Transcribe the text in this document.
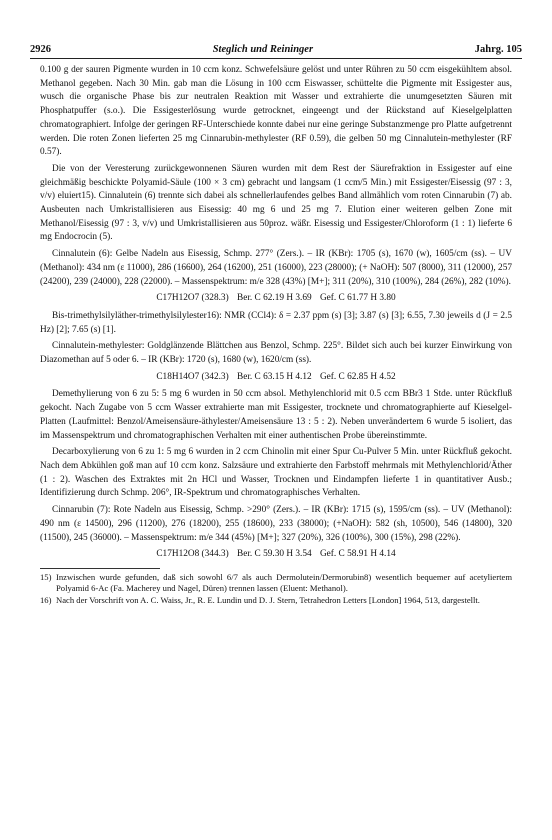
2926	Steglich und Reininger	Jahrg. 105

0.100 g der sauren Pigmente wurden in 10 ccm konz. Schwefelsäure gelöst und unter Rühren zu 50 ccm eisgekühltem absol. Methanol gegeben. Nach 30 Min. gab man die Lösung in 100 ccm Eiswasser, schüttelte die Pigmente mit Essigester aus, wusch die organische Phase bis zur neutralen Reaktion mit Wasser und extrahierte die unumgesetzten Säuren mit Phosphatpuffer (s.o.). Die Essigesterlösung wurde getrocknet, eingeengt und der Rückstand auf Kieselgelplatten chromatographiert. Infolge der geringen RF-Unterschiede konnte dabei nur eine geringe Substanzmenge pro Platte aufgetrennt werden. Die roten Zonen lieferten 25 mg Cinnarubin-methylester (RF 0.59), die gelben 50 mg Cinnalutein-methylester (RF 0.57).

Die von der Veresterung zurückgewonnenen Säuren wurden mit dem Rest der Säurefraktion in Essigester auf eine gleichmäßig beschickte Polyamid-Säule (100 × 3 cm) gebracht und langsam (1 ccm/5 Min.) mit Essigester/Eisessig (97 : 3, v/v) eluiert15). Cinnalutein (6) trennte sich dabei als schnellerlaufendes gelbes Band allmählich vom roten Cinnarubin (7) ab. Ausbeuten nach Umkristallisieren aus Eisessig: 40 mg 6 und 25 mg 7. Elution einer weiteren gelben Zone mit Methanol/Eisessig (97 : 3, v/v) und Umkristallisieren aus 50proz. wäßr. Eisessig und Essigester/Chloroform (1 : 1) lieferte 6 mg Endocrocin (5).

Cinnalutein (6): Gelbe Nadeln aus Eisessig, Schmp. 277° (Zers.). – IR (KBr): 1705 (s), 1670 (w), 1605/cm (ss). – UV (Methanol): 434 nm (ε 11000), 286 (16600), 264 (16200), 251 (16000), 223 (28000); (+ NaOH): 507 (8000), 311 (12000), 257 (24200), 239 (24000), 228 (22000). – Massenspektrum: m/e 328 (43%) [M+]; 311 (20%), 310 (100%), 284 (26%), 282 (10%).

C17H12O7 (328.3) Ber. C 62.19 H 3.69 Gef. C 61.77 H 3.80

Bis-trimethylsilyläther-trimethylsilylester16): NMR (CCl4): δ = 2.37 ppm (s) [3]; 3.87 (s) [3]; 6.55, 7.30 jeweils d (J = 2.5 Hz) [2]; 7.65 (s) [1].

Cinnalutein-methylester: Goldglänzende Blättchen aus Benzol, Schmp. 225°. Bildet sich auch bei kurzer Einwirkung von Diazomethan auf 5 oder 6. – IR (KBr): 1720 (s), 1680 (w), 1620/cm (ss).

C18H14O7 (342.3) Ber. C 63.15 H 4.12 Gef. C 62.85 H 4.52

Demethylierung von 6 zu 5: 5 mg 6 wurden in 50 ccm absol. Methylenchlorid mit 0.5 ccm BBr3 1 Stde. unter Rückfluß gekocht. Nach Zugabe von 5 ccm Wasser extrahierte man mit Essigester, trocknete und chromatographierte auf Kieselgel-Platten (Laufmittel: Benzol/Ameisensäure-äthylester/Ameisensäure 13 : 5 : 2). Neben unverändertem 6 wurde 5 isoliert, das im Massenspektrum und chromatographischen Verhalten mit einer authentischen Probe übereinstimmte.

Decarboxylierung von 6 zu 1: 5 mg 6 wurden in 2 ccm Chinolin mit einer Spur Cu-Pulver 5 Min. unter Rückfluß gekocht. Nach dem Abkühlen goß man auf 10 ccm konz. Salzsäure und extrahierte den Farbstoff mehrmals mit Methylenchlorid/Äther (1 : 2). Waschen des Extraktes mit 2n HCl und Wasser, Trocknen und Eindampfen lieferte 1 in quantitativer Ausb.; Identifizierung durch Schmp. 206°, IR-Spektrum und chromatographisches Verhalten.

Cinnarubin (7): Rote Nadeln aus Eisessig, Schmp. >290° (Zers.). – IR (KBr): 1715 (s), 1595/cm (ss). – UV (Methanol): 490 nm (ε 14500), 296 (11200), 276 (18200), 255 (18600), 233 (38000); (+NaOH): 582 (sh, 10500), 546 (14800), 320 (11500), 245 (36000). – Massenspektrum: m/e 344 (45%) [M+]; 327 (20%), 326 (100%), 300 (15%), 298 (22%).

C17H12O8 (344.3) Ber. C 59.30 H 3.54 Gef. C 58.91 H 4.14
15) Inzwischen wurde gefunden, daß sich sowohl 6/7 als auch Dermolutein/Dermorubin8) wesentlich bequemer auf acetyliertem Polyamid 6-Ac (Fa. Macherey und Nagel, Düren) trennen lassen (Eluent: Methanol).
16) Nach der Vorschrift von A. C. Waiss, Jr., R. E. Lundin und D. J. Stern, Tetrahedron Letters [London] 1964, 513, dargestellt.
